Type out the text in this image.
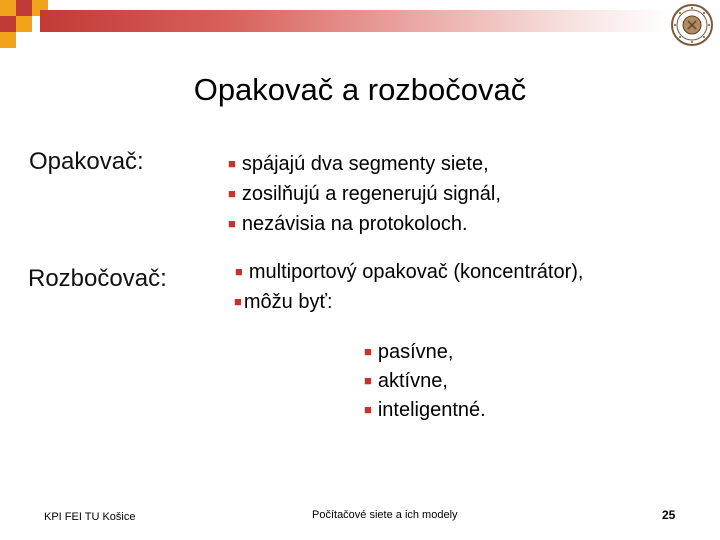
Opakovač a rozbočovač
Opakovač:	■ spájajú dva segmenty siete,
■ zosilňujú a regenerujú signál,
■ nezávisia na protokoloch.
Rozbočovač:	■ multiportový opakovač (koncentrátor),
■ môžu byť:
■ pasívne,
■ aktívne,
■ inteligentné.
KPI FEI TU Košice	Počítačové siete a ich modely	25
